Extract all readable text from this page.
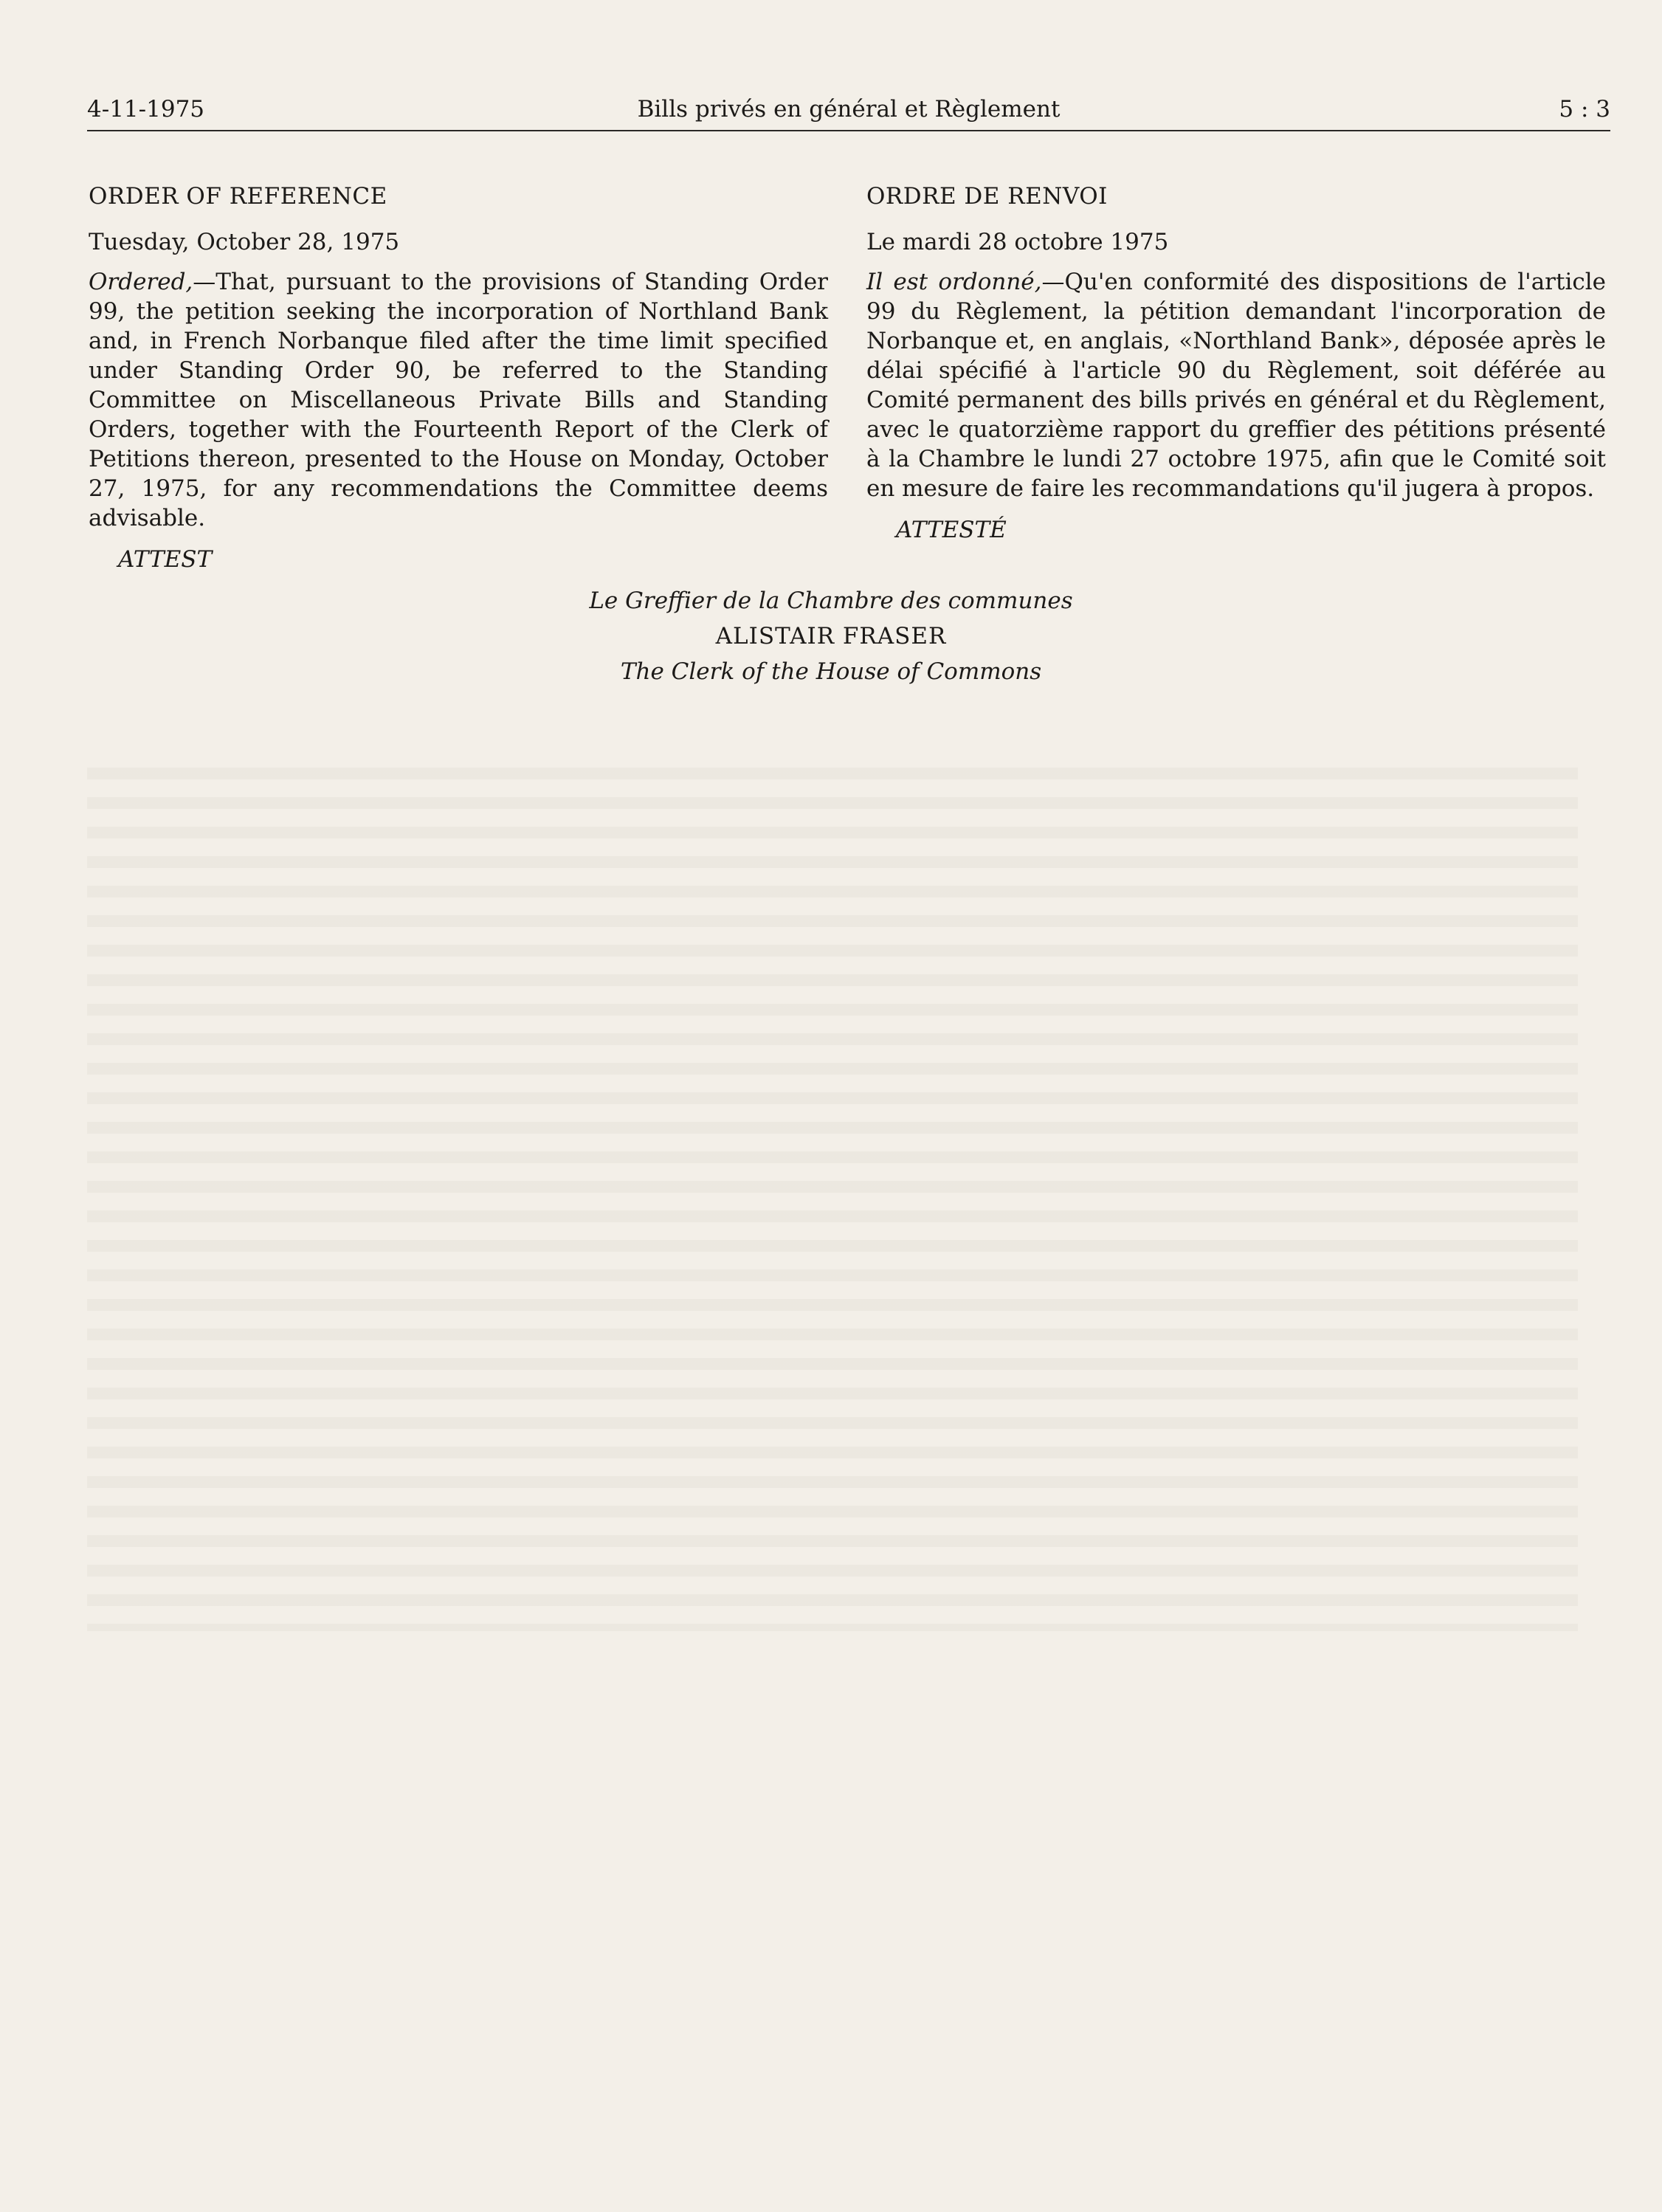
4-11-1975	Bills privés en général et Règlement	5 : 3
ORDER OF REFERENCE
Tuesday, October 28, 1975

Ordered,—That, pursuant to the provisions of Standing Order 99, the petition seeking the incorporation of Northland Bank and, in French Norbanque filed after the time limit specified under Standing Order 90, be referred to the Standing Committee on Miscellaneous Private Bills and Standing Orders, together with the Fourteenth Report of the Clerk of Petitions thereon, presented to the House on Monday, October 27, 1975, for any recommendations the Committee deems advisable.

ATTEST
ORDRE DE RENVOI
Le mardi 28 octobre 1975

Il est ordonné,—Qu'en conformité des dispositions de l'article 99 du Règlement, la pétition demandant l'incorporation de Norbanque et, en anglais, «Northland Bank», déposée après le délai spécifié à l'article 90 du Règlement, soit déférée au Comité permanent des bills privés en général et du Règlement, avec le quatorzième rapport du greffier des pétitions présenté à la Chambre le lundi 27 octobre 1975, afin que le Comité soit en mesure de faire les recommandations qu'il jugera à propos.

ATTESTÉ
Le Greffier de la Chambre des communes
ALISTAIR FRASER
The Clerk of the House of Commons
